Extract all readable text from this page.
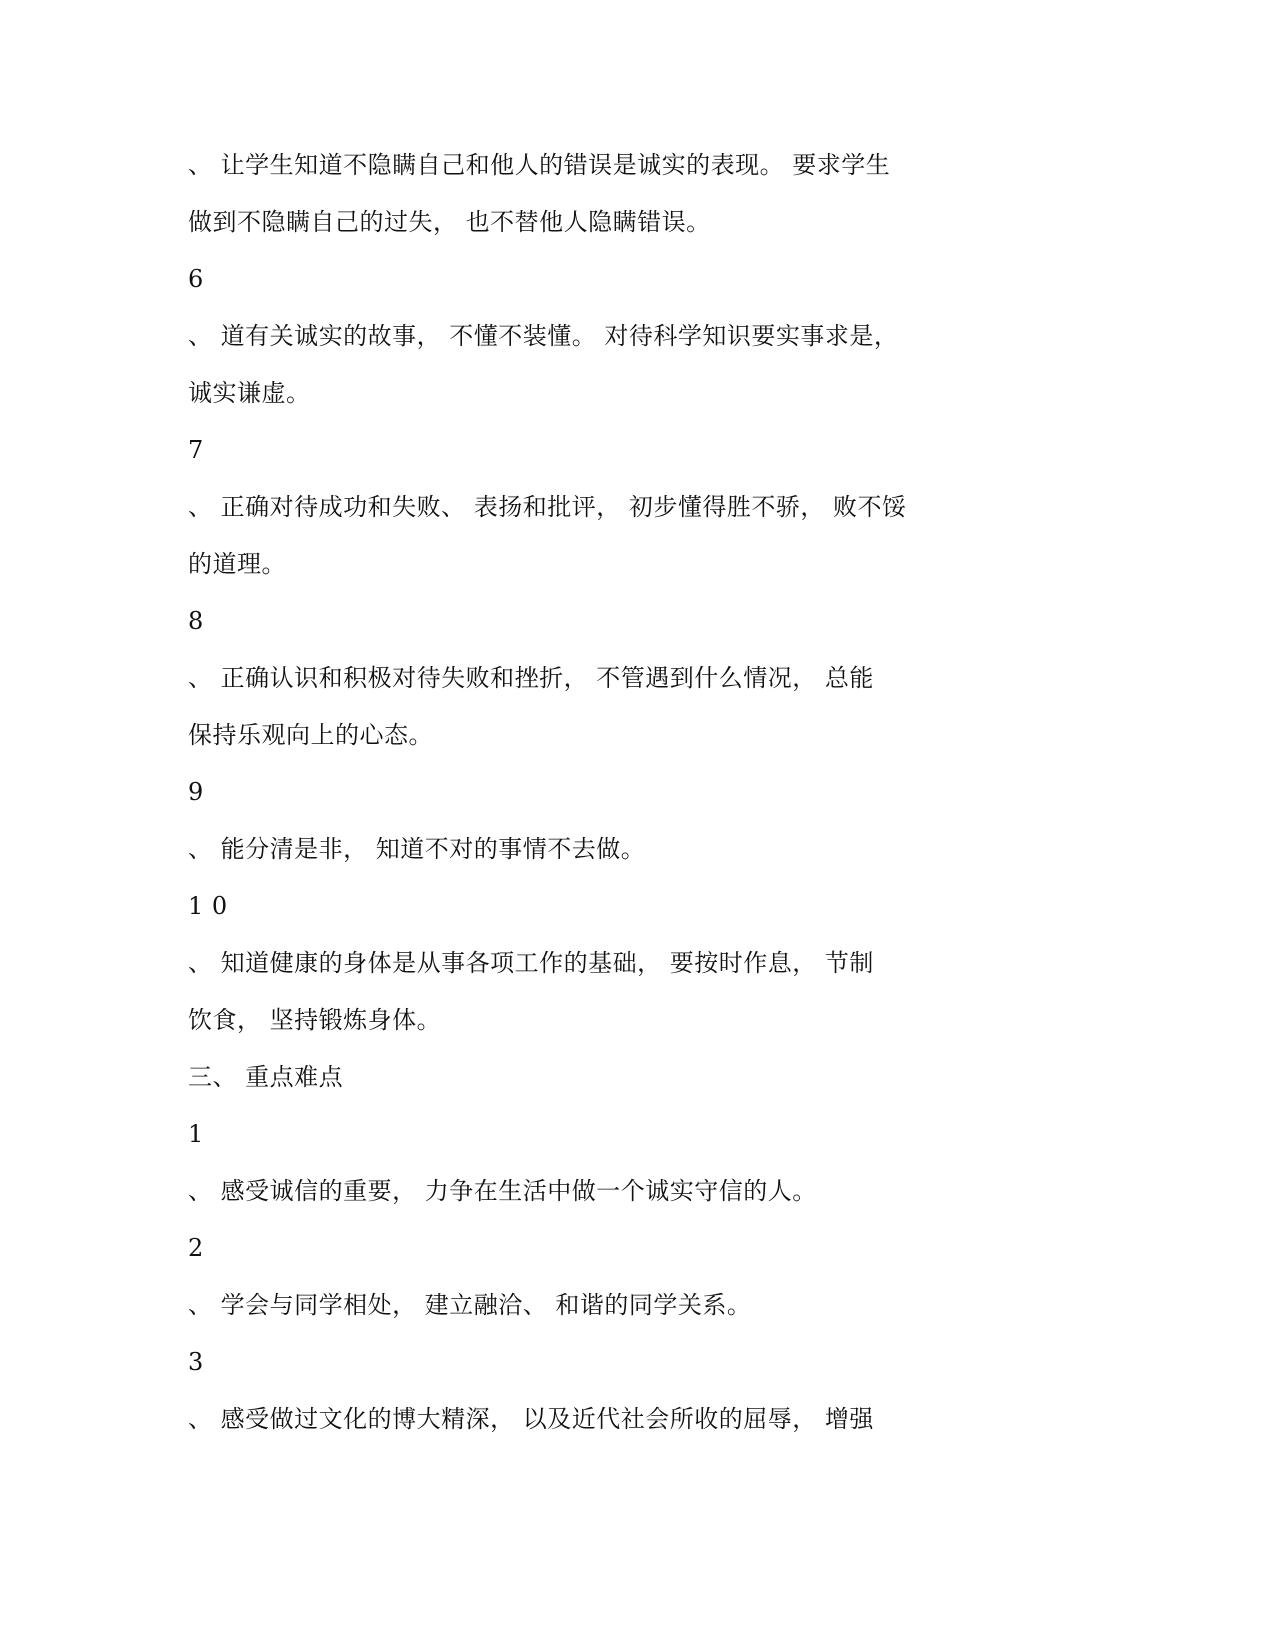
、 让学生知道不隐瞒自己和他人的错误是诚实的表现。 要求学生
做到不隐瞒自己的过失， 也不替他人隐瞒错误。
6
、 道有关诚实的故事， 不懂不装懂。 对待科学知识要实事求是，
诚实谦虚。
7
、 正确对待成功和失败、 表扬和批评， 初步懂得胜不骄， 败不馁
的道理。
8
、 正确认识和积极对待失败和挫折， 不管遇到什么情况， 总能
保持乐观向上的心态。
9
、 能分清是非， 知道不对的事情不去做。
1 0
、 知道健康的身体是从事各项工作的基础， 要按时作息， 节制
饮食， 坚持锻炼身体。
三、 重点难点
1
、 感受诚信的重要， 力争在生活中做一个诚实守信的人。
2
、 学会与同学相处， 建立融洽、 和谐的同学关系。
3
、 感受做过文化的博大精深， 以及近代社会所收的屈辱， 增强
